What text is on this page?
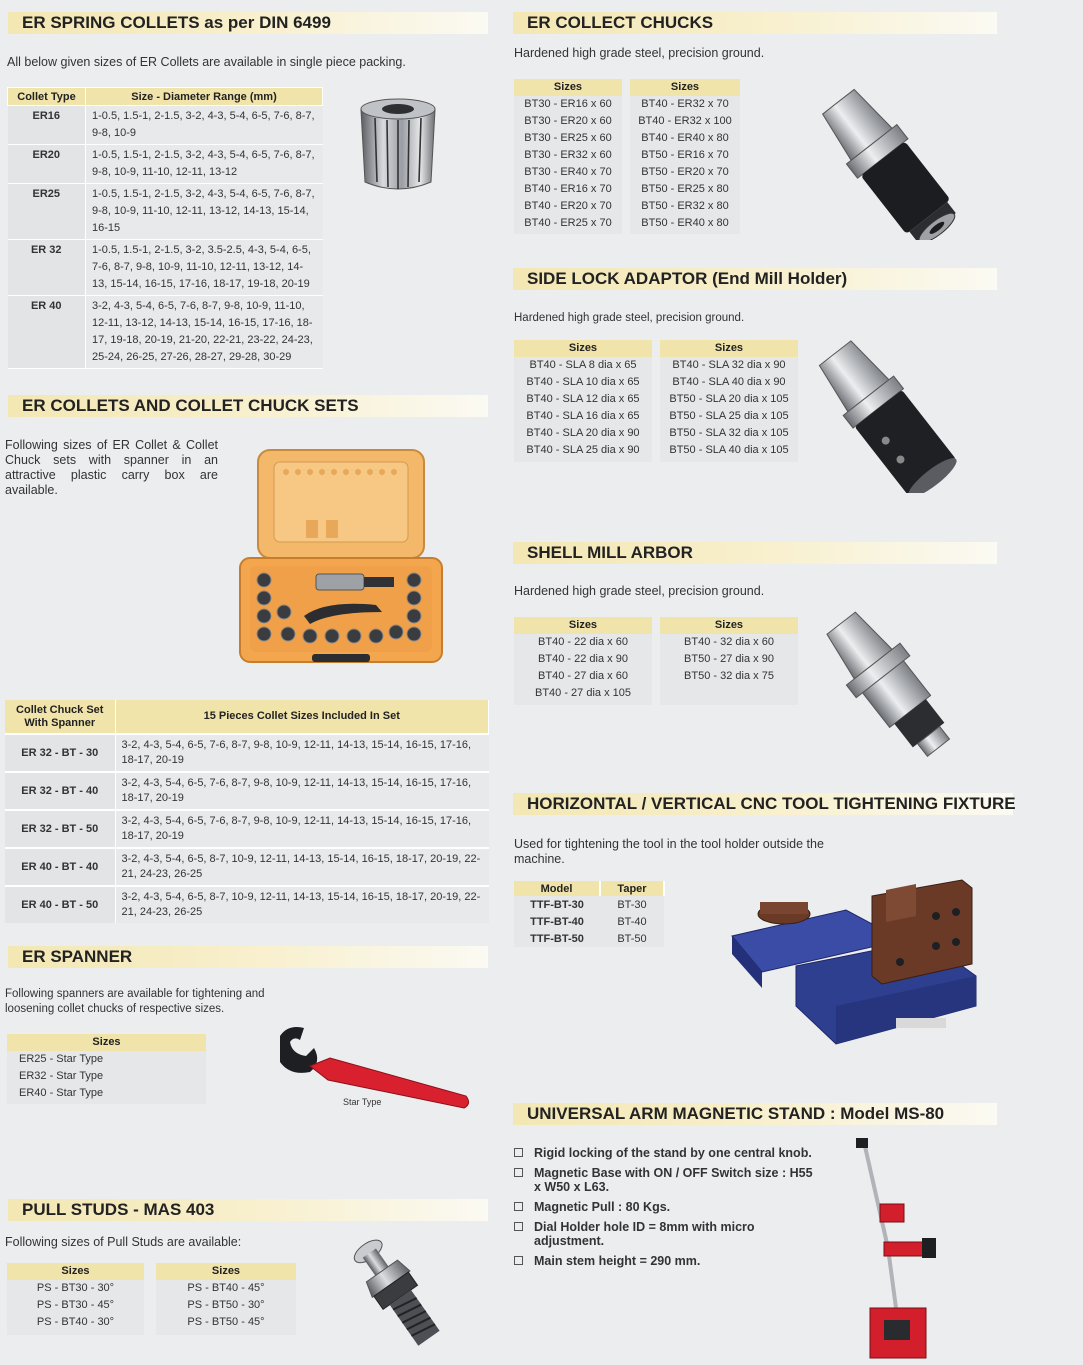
ER SPRING COLLETS as per DIN 6499
All below given sizes of ER Collets are available in single piece packing.
Collet Type	Size - Diameter Range (mm)
ER16	1-0.5, 1.5-1, 2-1.5, 3-2, 4-3, 5-4, 6-5, 7-6, 8-7, 9-8, 10-9
ER20	1-0.5, 1.5-1, 2-1.5, 3-2, 4-3, 5-4, 6-5, 7-6, 8-7, 9-8, 10-9, 11-10, 12-11, 13-12
ER25	1-0.5, 1.5-1, 2-1.5, 3-2, 4-3, 5-4, 6-5, 7-6, 8-7, 9-8, 10-9, 11-10, 12-11, 13-12, 14-13, 15-14, 16-15
ER 32	1-0.5, 1.5-1, 2-1.5, 3-2, 3.5-2.5, 4-3, 5-4, 6-5, 7-6, 8-7, 9-8, 10-9, 11-10, 12-11, 13-12, 14-13, 15-14, 16-15, 17-16, 18-17, 19-18, 20-19
ER 40	3-2, 4-3, 5-4, 6-5, 7-6, 8-7, 9-8, 10-9, 11-10, 12-11, 13-12, 14-13, 15-14, 16-15, 17-16, 18-17, 19-18, 20-19, 21-20, 22-21, 23-22, 24-23, 25-24, 26-25, 27-26, 28-27, 29-28, 30-29
ER COLLETS AND COLLET CHUCK SETS
Following sizes of ER Collet & Collet Chuck sets with spanner in an attractive plastic carry box are available.
Collet Chuck Set With Spanner	15 Pieces Collet Sizes Included In Set
ER 32 - BT - 30	3-2, 4-3, 5-4, 6-5, 7-6, 8-7, 9-8, 10-9, 12-11, 14-13, 15-14, 16-15, 17-16, 18-17, 20-19
ER 32 - BT - 40	3-2, 4-3, 5-4, 6-5, 7-6, 8-7, 9-8, 10-9, 12-11, 14-13, 15-14, 16-15, 17-16, 18-17, 20-19
ER 32 - BT - 50	3-2, 4-3, 5-4, 6-5, 7-6, 8-7, 9-8, 10-9, 12-11, 14-13, 15-14, 16-15, 17-16, 18-17, 20-19
ER 40 - BT - 40	3-2, 4-3, 5-4, 6-5, 8-7, 10-9, 12-11, 14-13, 15-14, 16-15, 18-17, 20-19, 22-21, 24-23, 26-25
ER 40 - BT - 50	3-2, 4-3, 5-4, 6-5, 8-7, 10-9, 12-11, 14-13, 15-14, 16-15, 18-17, 20-19, 22-21, 24-23, 26-25
ER SPANNER
Following spanners are available for tightening and loosening collet chucks of respective sizes.
Sizes
ER25 - Star Type
ER32 - Star Type
ER40 - Star Type
Star Type
PULL STUDS - MAS 403
Following sizes of Pull Studs are available:
Sizes
PS - BT30 - 30°
PS - BT30 - 45°
PS - BT40 - 30°
Sizes
PS - BT40 - 45°
PS - BT50 - 30°
PS - BT50 - 45°
ER COLLECT CHUCKS
Hardened high grade steel, precision ground.
Sizes
BT30 - ER16 x 60
BT30 - ER20 x 60
BT30 - ER25 x 60
BT30 - ER32 x 60
BT30 - ER40 x 70
BT40 - ER16 x 70
BT40 - ER20 x 70
BT40 - ER25 x 70
Sizes
BT40 - ER32 x 70
BT40 - ER32 x 100
BT40 - ER40 x 80
BT50 - ER16 x 70
BT50 - ER20 x 70
BT50 - ER25 x 80
BT50 - ER32 x 80
BT50 - ER40 x 80
SIDE LOCK ADAPTOR (End Mill Holder)
Hardened high grade steel, precision ground.
Sizes
BT40 - SLA 8 dia x 65
BT40 - SLA 10 dia x 65
BT40 - SLA 12 dia x 65
BT40 - SLA 16 dia x 65
BT40 - SLA 20 dia x 90
BT40 - SLA 25 dia x 90
Sizes
BT40 - SLA 32 dia x 90
BT40 - SLA 40 dia x 90
BT50 - SLA 20 dia x 105
BT50 - SLA 25 dia x 105
BT50 - SLA 32 dia x 105
BT50 - SLA 40 dia x 105
SHELL MILL ARBOR
Hardened high grade steel, precision ground.
Sizes
BT40 - 22 dia x 60
BT40 - 22 dia x 90
BT40 - 27 dia x 60
BT40 - 27 dia x 105
Sizes
BT40 - 32 dia x 60
BT50 - 27 dia x 90
BT50 - 32 dia x 75
HORIZONTAL / VERTICAL CNC TOOL TIGHTENING FIXTURE
Used for tightening the tool in the tool holder outside the machine.
Model	Taper
TTF-BT-30	BT-30
TTF-BT-40	BT-40
TTF-BT-50	BT-50
UNIVERSAL ARM MAGNETIC STAND : Model MS-80
Rigid locking of the stand by one central knob.
Magnetic Base with ON / OFF Switch size : H55 x W50 x L63.
Magnetic Pull : 80 Kgs.
Dial Holder hole ID = 8mm with micro adjustment.
Main stem height = 290 mm.
